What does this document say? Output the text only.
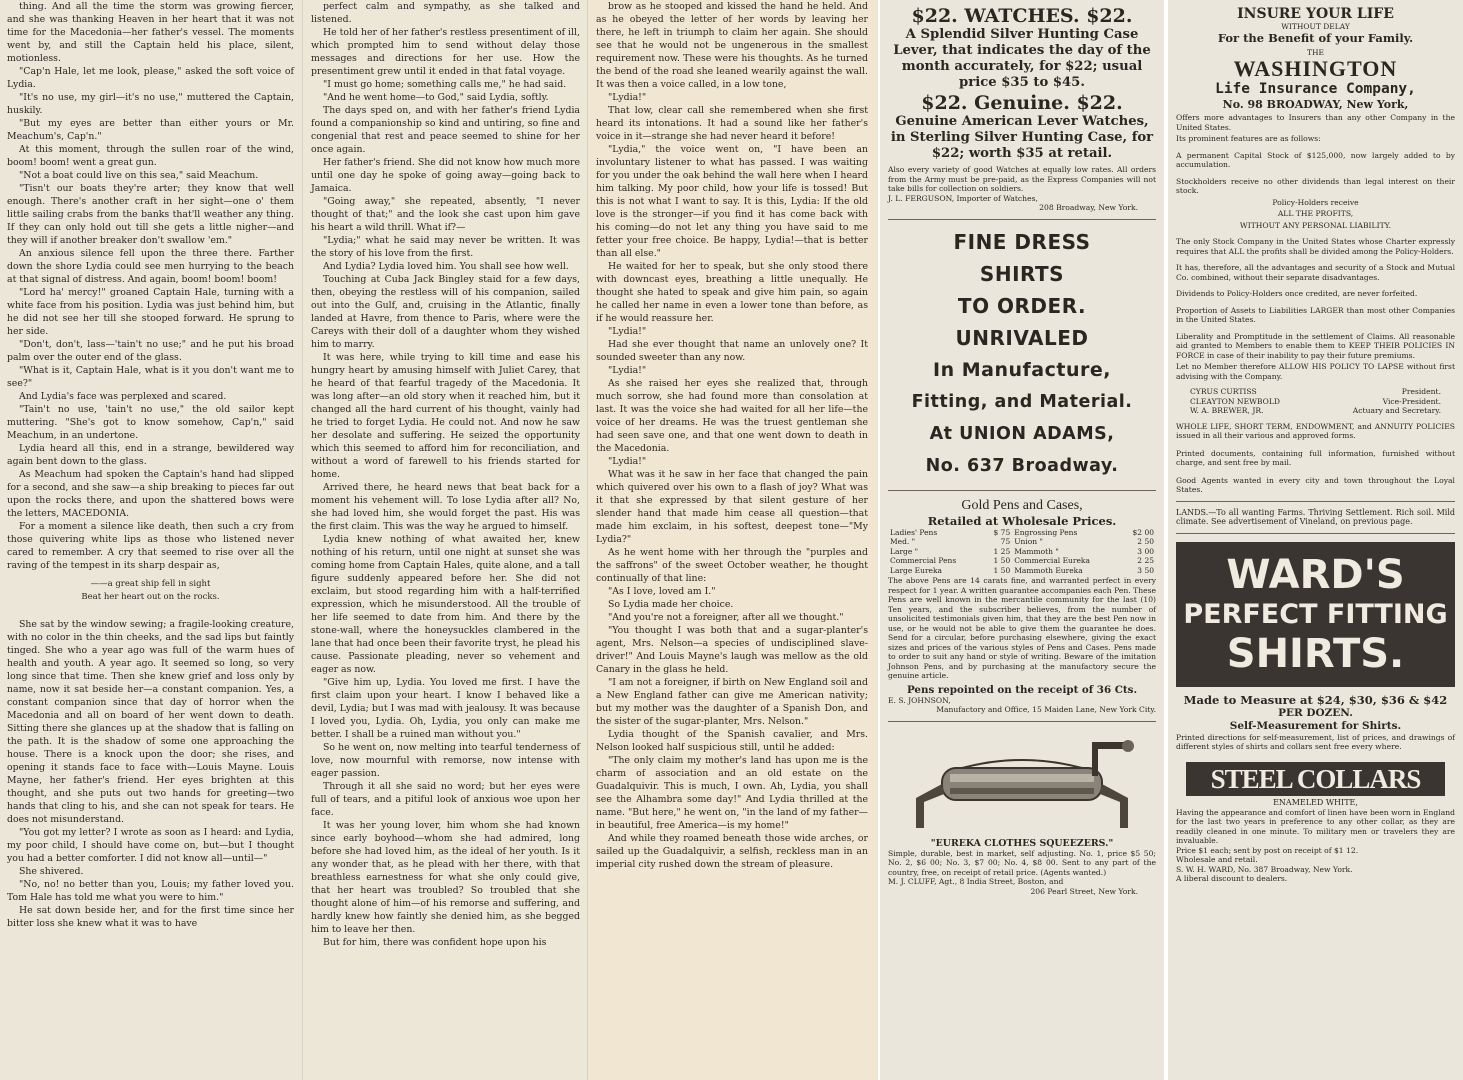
thing. And all the time the storm was growing fiercer, and she was thanking Heaven in her heart that it was not time for the Macedonia—her father's vessel. The moments went by, and still the Captain held his place, silent, motionless.

"Cap'n Hale, let me look, please," asked the soft voice of Lydia.

"It's no use, my girl—it's no use," muttered the Captain, huskily.

"But my eyes are better than either yours or Mr. Meachum's, Cap'n."

At this moment, through the sullen roar of the wind, boom! boom! went a great gun.

"Not a boat could live on this sea," said Meachum.

"Tisn't our boats they're arter; they know that well enough. There's another craft in her sight—one o' them little sailing crabs from the banks that'll weather any thing. If they can only hold out till she gets a little nigher—and they will if another breaker don't swallow 'em."

An anxious silence fell upon the three there. Farther down the shore Lydia could see men hurrying to the beach at that signal of distress. And again, boom! boom! boom!

"Lord ha' mercy!" groaned Captain Hale, turning with a white face from his position. Lydia was just behind him, but he did not see her till she stooped forward. He sprung to her side.

"Don't, don't, lass—'tain't no use;" and he put his broad palm over the outer end of the glass.

"What is it, Captain Hale, what is it you don't want me to see?"

And Lydia's face was perplexed and scared.

"Tain't no use, 'tain't no use," the old sailor kept muttering. "She's got to know somehow, Cap'n," said Meachum, in an undertone.

Lydia heard all this, end in a strange, bewildered way again bent down to the glass.

As Meachum had spoken the Captain's hand had slipped for a second, and she saw—a ship breaking to pieces far out upon the rocks there, and upon the shattered bows were the letters, MACEDONIA.

For a moment a silence like death, then such a cry from those quivering white lips as those who listened never cared to remember. A cry that seemed to rise over all the raving of the tempest in its sharp despair as,

——a great ship fell in sight
Beat her heart out on the rocks.

She sat by the window sewing; a fragile-looking creature, with no color in the thin cheeks, and the sad lips but faintly tinged. She who a year ago was full of the warm hues of health and youth. A year ago. It seemed so long, so very long since that time. Then she knew grief and loss only by name, now it sat beside her—a constant companion. Yes, a constant companion since that day of horror when the Macedonia and all on board of her went down to death. Sitting there she glances up at the shadow that is falling on the path. It is the shadow of some one approaching the house. There is a knock upon the door; she rises, and opening it stands face to face with—Louis Mayne. Louis Mayne, her father's friend. Her eyes brighten at this thought, and she puts out two hands for greeting—two hands that cling to his, and she can not speak for tears. He does not misunderstand.

"You got my letter? I wrote as soon as I heard: and Lydia, my poor child, I should have come on, but—but I thought you had a better comforter. I did not know all—until—"

She shivered.

"No, no! no better than you, Louis; my father loved you. Tom Hale has told me what you were to him."

He sat down beside her, and for the first time since her bitter loss she knew what it was to have

perfect calm and sympathy, as she talked and listened.

He told her of her father's restless presentiment of ill, which prompted him to send without delay those messages and directions for her use. How the presentiment grew until it ended in that fatal voyage.

"I must go home; something calls me," he had said.

"And he went home—to God," said Lydia, softly.

The days sped on, and with her father's friend Lydia found a companionship so kind and untiring, so fine and congenial that rest and peace seemed to shine for her once again.

Her father's friend. She did not know how much more until one day he spoke of going away—going back to Jamaica.

"Going away," she repeated, absently, "I never thought of that;" and the look she cast upon him gave his heart a wild thrill. What if?—

"Lydia;" what he said may never be written. It was the story of his love from the first.

And Lydia? Lydia loved him. You shall see how well.

Touching at Cuba Jack Bingley staid for a few days, then, obeying the restless will of his companion, sailed out into the Gulf, and, cruising in the Atlantic, finally landed at Havre, from thence to Paris, where were the Careys with their doll of a daughter whom they wished him to marry.

It was here, while trying to kill time and ease his hungry heart by amusing himself with Juliet Carey, that he heard of that fearful tragedy of the Macedonia. It was long after—an old story when it reached him, but it changed all the hard current of his thought, vainly had he tried to forget Lydia. He could not. And now he saw her desolate and suffering. He seized the opportunity which this seemed to afford him for reconciliation, and without a word of farewell to his friends started for home.

Arrived there, he heard news that beat back for a moment his vehement will. To lose Lydia after all? No, she had loved him, she would forget the past. His was the first claim. This was the way he argued to himself.

Lydia knew nothing of what awaited her, knew nothing of his return, until one night at sunset she was coming home from Captain Hales, quite alone, and a tall figure suddenly appeared before her. She did not exclaim, but stood regarding him with a half-terrified expression, which he misunderstood. All the trouble of her life seemed to date from him. And there by the stone-wall, where the honeysuckles clambered in the lane that had once been their favorite tryst, he plead his cause. Passionate pleading, never so vehement and eager as now.

"Give him up, Lydia. You loved me first. I have the first claim upon your heart. I know I behaved like a devil, Lydia; but I was mad with jealousy. It was because I loved you, Lydia. Oh, Lydia, you only can make me better. I shall be a ruined man without you."

So he went on, now melting into tearful tenderness of love, now mournful with remorse, now intense with eager passion.

Through it all she said no word; but her eyes were full of tears, and a pitiful look of anxious woe upon her face.

It was her young lover, him whom she had known since early boyhood—whom she had admired, long before she had loved him, as the ideal of her youth. Is it any wonder that, as he plead with her there, with that breathless earnestness for what she only could give, that her heart was troubled? So troubled that she thought alone of him—of his remorse and suffering, and hardly knew how faintly she denied him, as she begged him to leave her then.

But for him, there was confident hope upon his

brow as he stooped and kissed the hand he held. And as he obeyed the letter of her words by leaving her there, he left in triumph to claim her again. She should see that he would not be ungenerous in the smallest requirement now. These were his thoughts. As he turned the bend of the road she leaned wearily against the wall. It was then a voice called, in a low tone,

"Lydia!"

That low, clear call she remembered when she first heard its intonations. It had a sound like her father's voice in it—strange she had never heard it before!

"Lydia," the voice went on, "I have been an involuntary listener to what has passed. I was waiting for you under the oak behind the wall here when I heard him talking. My poor child, how your life is tossed! But this is not what I want to say. It is this, Lydia: If the old love is the stronger—if you find it has come back with his coming—do not let any thing you have said to me fetter your free choice. Be happy, Lydia!—that is better than all else."

He waited for her to speak, but she only stood there with downcast eyes, breathing a little unequally. He thought she hated to speak and give him pain, so again he called her name in even a lower tone than before, as if he would reassure her.

"Lydia!"

Had she ever thought that name an unlovely one? It sounded sweeter than any now.

"Lydia!"

As she raised her eyes she realized that, through much sorrow, she had found more than consolation at last. It was the voice she had waited for all her life—the voice of her dreams. He was the truest gentleman she had seen save one, and that one went down to death in the Macedonia.

"Lydia!"

What was it he saw in her face that changed the pain which quivered over his own to a flash of joy? What was it that she expressed by that silent gesture of her slender hand that made him cease all question—that made him exclaim, in his softest, deepest tone—"My Lydia?"

As he went home with her through the "purples and the saffrons" of the sweet October weather, he thought continually of that line:

"As I love, loved am I."

So Lydia made her choice.

"And you're not a foreigner, after all we thought."

"You thought I was both that and a sugar-planter's agent, Mrs. Nelson—a species of undisciplined slave-driver!" And Louis Mayne's laugh was mellow as the old Canary in the glass he held.

"I am not a foreigner, if birth on New England soil and a New England father can give me American nativity; but my mother was the daughter of a Spanish Don, and the sister of the sugar-planter, Mrs. Nelson."

Lydia thought of the Spanish cavalier, and Mrs. Nelson looked half suspicious still, until he added:

"The only claim my mother's land has upon me is the charm of association and an old estate on the Guadalquivir. This is much, I own. Ah, Lydia, you shall see the Alhambra some day!" And Lydia thrilled at the name. "But here," he went on, "in the land of my father—in beautiful, free America—is my home!"

And while they roamed beneath those wide arches, or sailed up the Guadalquivir, a selfish, reckless man in an imperial city rushed down the stream of pleasure.

$22. WATCHES. $22.
A Splendid Silver Hunting Case Lever, that indicates the day of the month accurately, for $22; usual price $35 to $45.
$22. Genuine. $22.
Genuine American Lever Watches, in Sterling Silver Hunting Case, for $22; worth $35 at retail.
Also every variety of good Watches at equally low rates. All orders from the Army must be pre-paid, as the Express Companies will not take bills for collection on soldiers.
J. L. FERGUSON, Importer of Watches,
208 Broadway, New York.
FINE DRESS
SHIRTS
TO ORDER.
UNRIVALED
In Manufacture,
Fitting, and Material.
At UNION ADAMS,
No. 637 Broadway.
Gold Pens and Cases,
Retailed at Wholesale Prices.
Ladies' Pens	$ 75	Engrossing Pens	$2 00
Med. "	75	Union "	2 50
Large "	1 25	Mammoth "	3 00
Commercial Pens	1 50	Commercial Eureka	2 25
Large Eureka	1 50	Mammoth Eureka	3 50
The above Pens are 14 carats fine, and warranted perfect in every respect for 1 year. A written guarantee accompanies each Pen. These Pens are well known in the mercantile community for the last (10) Ten years, and the subscriber believes, from the number of unsolicited testimonials given him, that they are the best Pen now in use, or he would not be able to give them the guarantee he does. Send for a circular, before purchasing elsewhere, giving the exact sizes and prices of the various styles of Pens and Cases. Pens made to order to suit any hand or style of writing. Beware of the imitation Johnson Pens, and by purchasing at the manufactory secure the genuine article.
Pens repointed on the receipt of 36 Cts.
E. S. JOHNSON,
Manufactory and Office, 15 Maiden Lane, New York City.
"EUREKA CLOTHES SQUEEZERS."
Simple, durable, best in market, self adjusting. No. 1, price $5 50; No. 2, $6 00; No. 3, $7 00; No. 4, $8 00. Sent to any part of the country, free, on receipt of retail price. (Agents wanted.)
M. J. CLUFF, Agt., 8 India Street, Boston, and
206 Pearl Street, New York.
INSURE YOUR LIFE
WITHOUT DELAY
For the Benefit of your Family.
THE
WASHINGTON
Life Insurance Company,
No. 98 BROADWAY, New York,
Offers more advantages to Insurers than any other Company in the United States.
Its prominent features are as follows:
A permanent Capital Stock of $125,000, now largely added to by accumulation.
Stockholders receive no other dividends than legal interest on their stock.
Policy-Holders receive
ALL THE PROFITS,
WITHOUT ANY PERSONAL LIABILITY.
The only Stock Company in the United States whose Charter expressly requires that ALL the profits shall be divided among the Policy-Holders.
It has, therefore, all the advantages and security of a Stock and Mutual Co. combined, without their separate disadvantages.
Dividends to Policy-Holders once credited, are never forfeited.
Proportion of Assets to Liabilities LARGER than most other Companies in the United States.
Liberality and Promptitude in the settlement of Claims. All reasonable aid granted to Members to enable them to KEEP THEIR POLICIES IN FORCE in case of their inability to pay their future premiums.
Let no Member therefore ALLOW HIS POLICY TO LAPSE without first advising with the Company.
CYRUS CURTISS	President.
CLEAYTON NEWBOLD	Vice-President.
W. A. BREWER, JR.	Actuary and Secretary.
WHOLE LIFE, SHORT TERM, ENDOWMENT, and ANNUITY POLICIES issued in all their various and approved forms.
Printed documents, containing full information, furnished without charge, and sent free by mail.
Good Agents wanted in every city and town throughout the Loyal States.
LANDS.—To all wanting Farms. Thriving Settlement. Rich soil. Mild climate. See advertisement of Vineland, on previous page.
WARD'S
PERFECT FITTING
SHIRTS.
Made to Measure at $24, $30, $36 & $42
PER DOZEN.
Self-Measurement for Shirts.
Printed directions for self-measurement, list of prices, and drawings of different styles of shirts and collars sent free every where.
STEEL COLLARS
ENAMELED WHITE,
Having the appearance and comfort of linen have been worn in England for the last two years in preference to any other collar, as they are readily cleaned in one minute. To military men or travelers they are invaluable.
Price $1 each; sent by post on receipt of $1 12.
Wholesale and retail.
S. W. H. WARD, No. 387 Broadway, New York.
A liberal discount to dealers.
